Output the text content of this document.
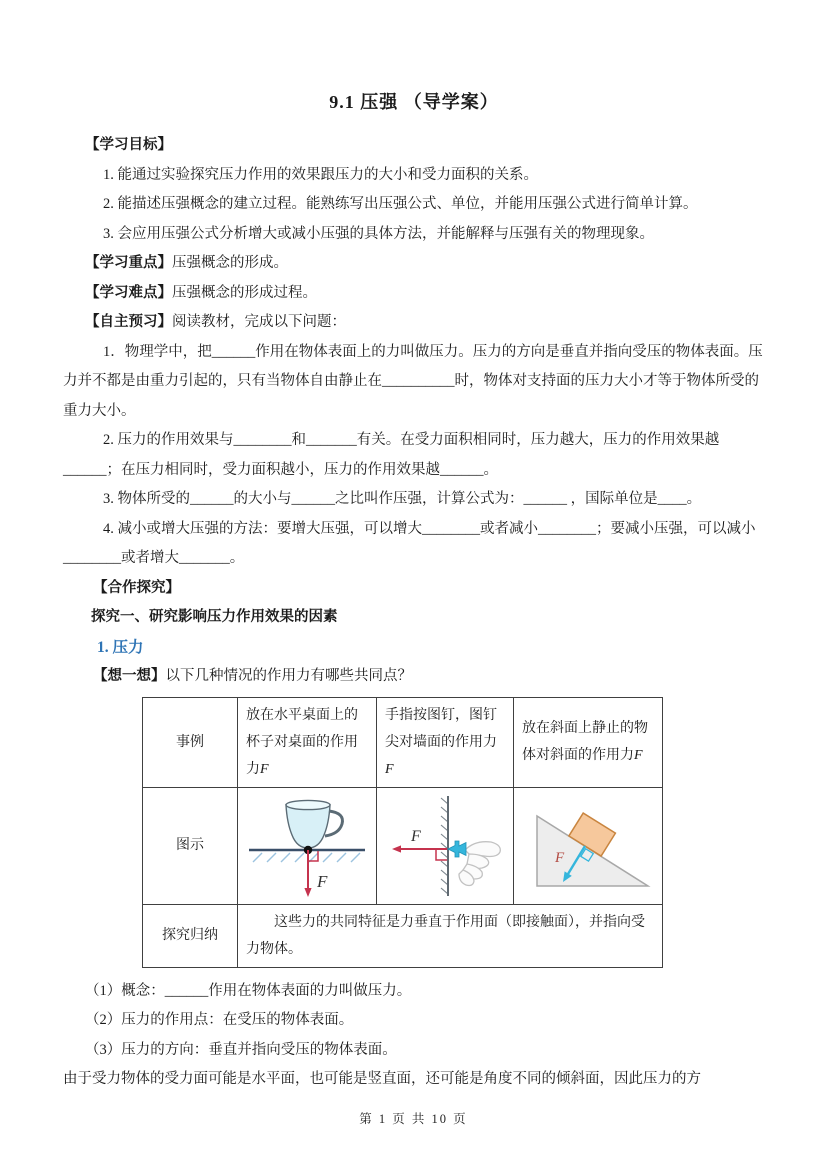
9.1 压强 （导学案）

【学习目标】

1. 能通过实验探究压力作用的效果跟压力的大小和受力面积的关系。

2. 能描述压强概念的建立过程。能熟练写出压强公式、单位，并能用压强公式进行简单计算。

3. 会应用压强公式分析增大或减小压强的具体方法，并能解释与压强有关的物理现象。

【学习重点】压强概念的形成。

【学习难点】压强概念的形成过程。

【自主预习】阅读教材，完成以下问题：

1．物理学中，把______作用在物体表面上的力叫做压力。压力的方向是垂直并指向受压的物体表面。压力并不都是由重力引起的，只有当物体自由静止在__________时，物体对支持面的压力大小才等于物体所受的重力大小。

2. 压力的作用效果与________和_______有关。在受力面积相同时，压力越大，压力的作用效果越______；在压力相同时，受力面积越小，压力的作用效果越______。

3. 物体所受的______的大小与______之比叫作压强，计算公式为：______ ，国际单位是____。

4. 减小或增大压强的方法：要增大压强，可以增大________或者减小________；要减小压强，可以减小________或者增大_______。

【合作探究】

探究一、研究影响压力作用效果的因素

1. 压力

【想一想】以下几种情况的作用力有哪些共同点？

事例	放在水平桌面上的杯子对桌面的作用力F	手指按图钉，图钉尖对墙面的作用力F	放在斜面上静止的物体对斜面的作用力F
图示	F	F	F

探究归纳	这些力的共同特征是力垂直于作用面（即接触面），并指向受力物体。		

（1）概念：______作用在物体表面的力叫做压力。

（2）压力的作用点：在受压的物体表面。

（3）压力的方向：垂直并指向受压的物体表面。

由于受力物体的受力面可能是水平面，也可能是竖直面，还可能是角度不同的倾斜面，因此压力的方

第 1 页 共 10 页
